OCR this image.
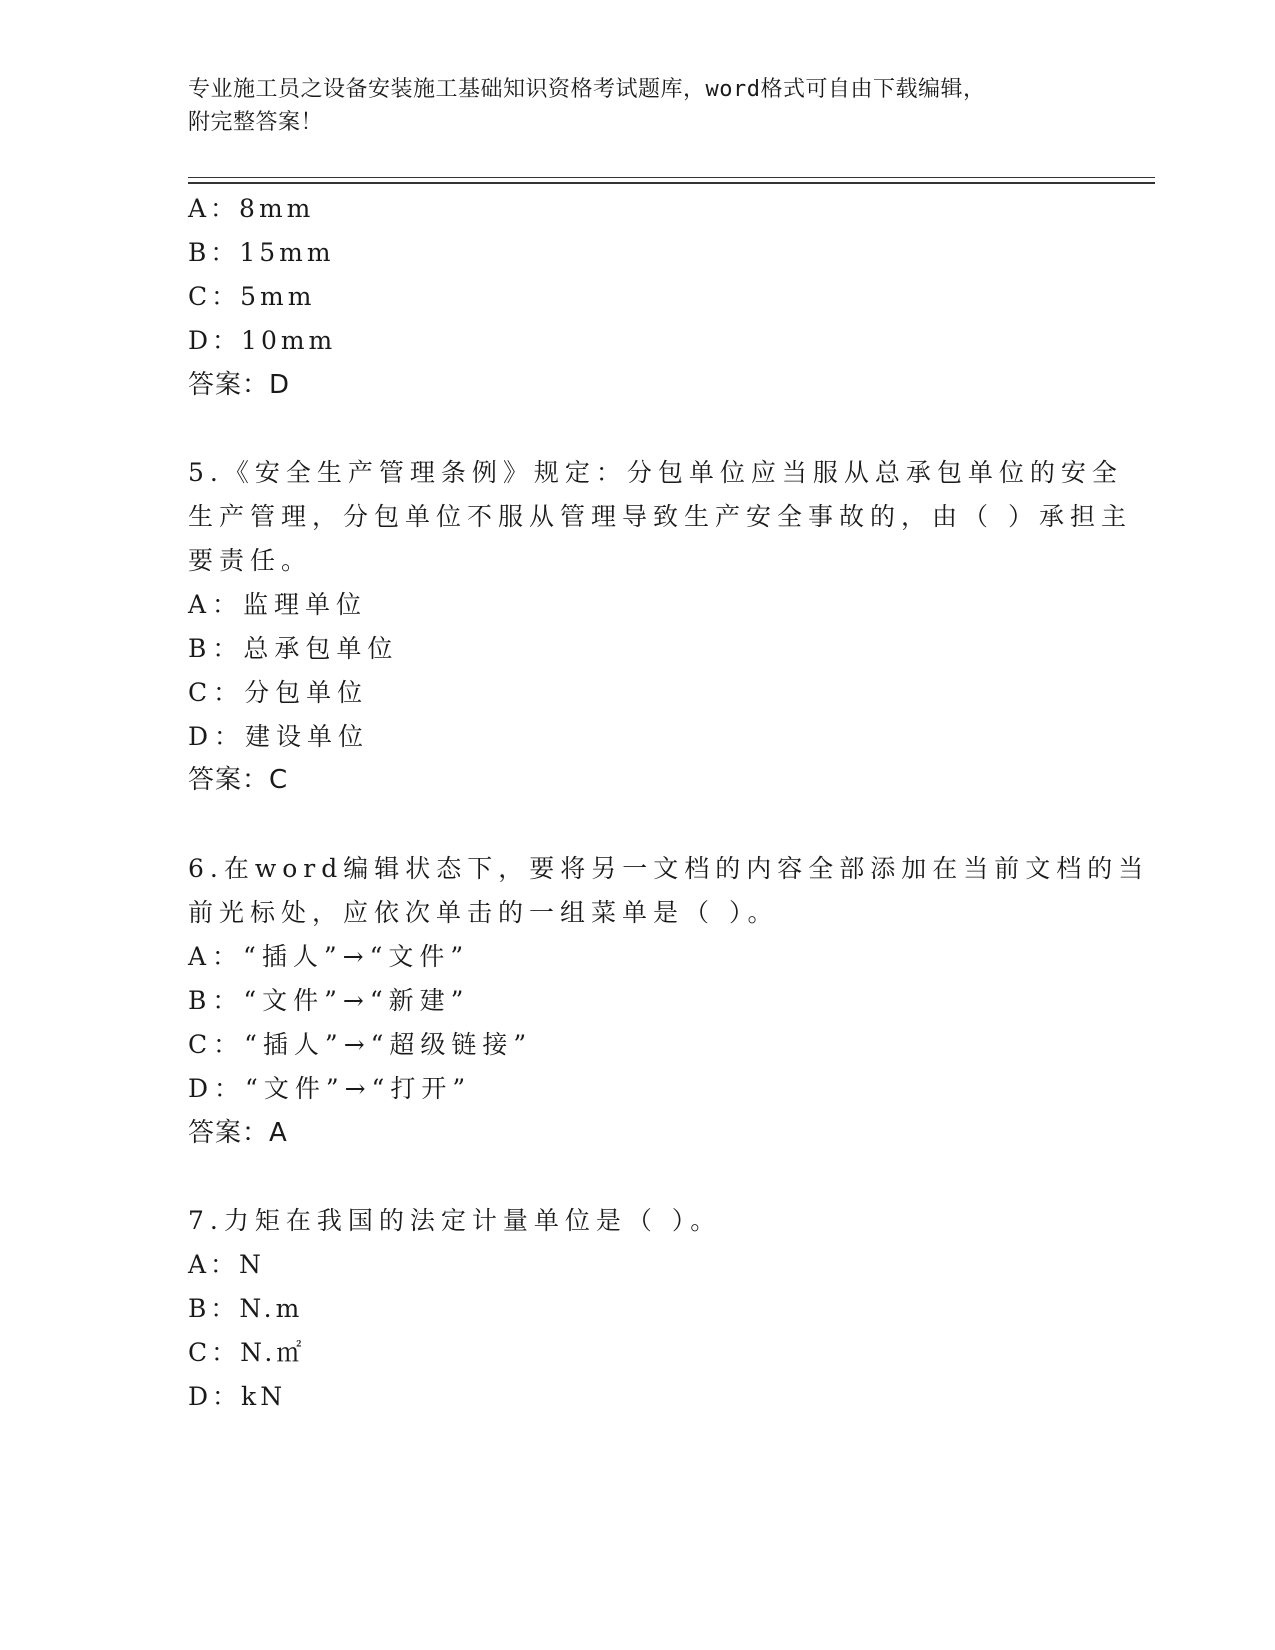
专业施工员之设备安装施工基础知识资格考试题库，word格式可自由下载编辑，
附完整答案！
A：8mm
B：15mm
C：5mm
D：10mm
答案：D
5.《安全生产管理条例》规定：分包单位应当服从总承包单位的安全
生产管理，分包单位不服从管理导致生产安全事故的，由（ ）承担主
要责任。
A：监理单位
B：总承包单位
C：分包单位
D：建设单位
答案：C
6.在word编辑状态下，要将另一文档的内容全部添加在当前文档的当
前光标处，应依次单击的一组菜单是（ ）。
A：“插人”→“文件”
B：“文件”→“新建”
C：“插人”→“超级链接”
D：“文件”→“打开”
答案：A
7.力矩在我国的法定计量单位是（ ）。
A：N
B：N.m
C：N.㎡
D：kN
